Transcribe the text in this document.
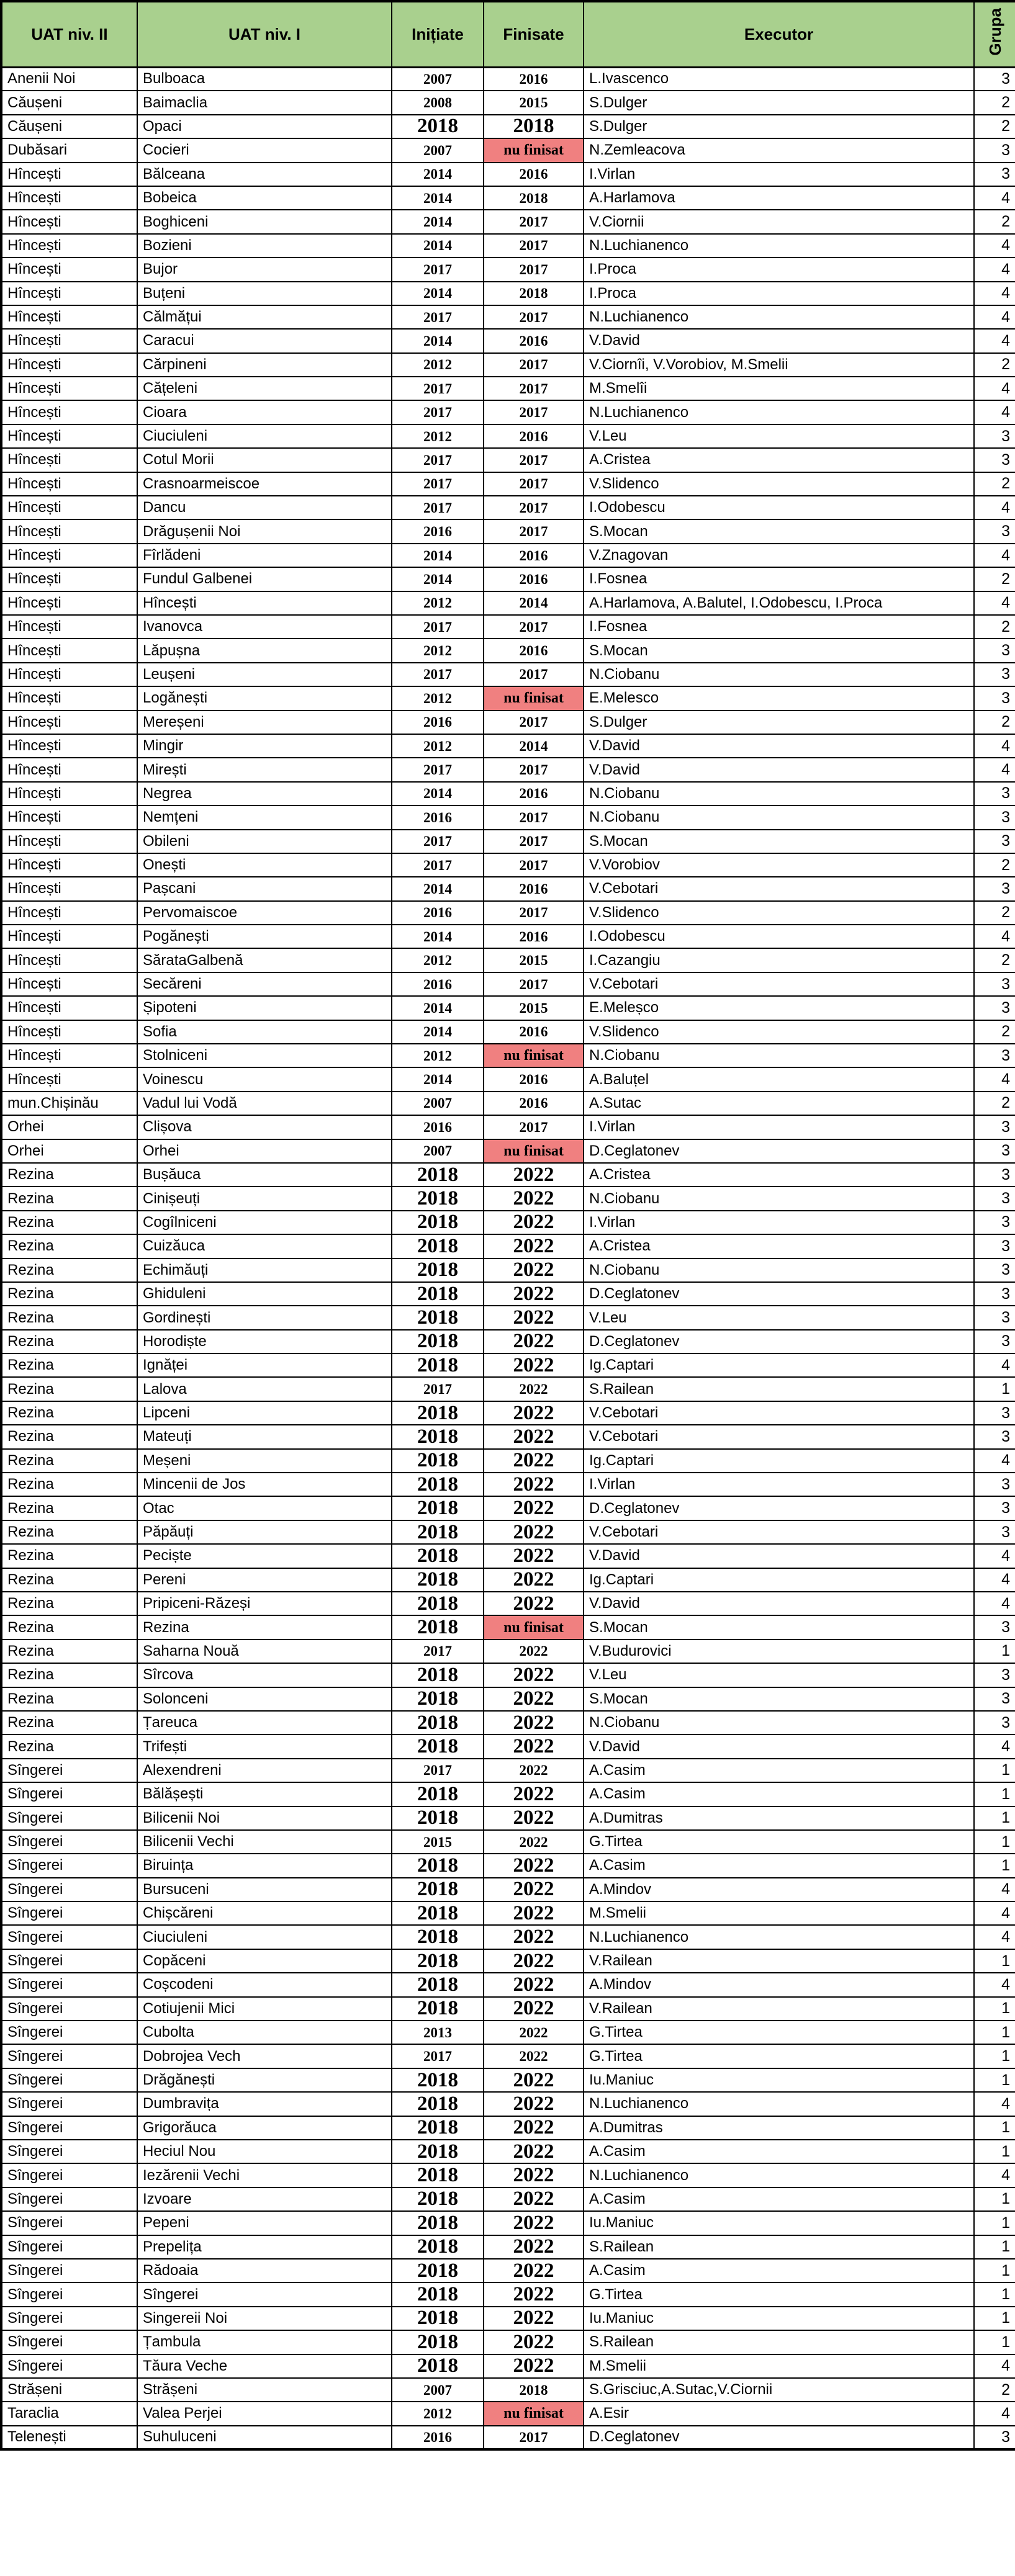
UAT niv. II	UAT niv. I	Inițiate	Finisate	Executor	Grupa
Anenii Noi	Bulboaca	2007	2016	L.Ivascenco	3
Căușeni	Baimaclia	2008	2015	S.Dulger	2
Căușeni	Opaci	2018	2018	S.Dulger	2
Dubăsari	Cocieri	2007	nu finisat	N.Zemleacova	3
Hîncești	Bălceana	2014	2016	I.Virlan	3
Hîncești	Bobeica	2014	2018	A.Harlamova	4
Hîncești	Boghiceni	2014	2017	V.Ciornii	2
Hîncești	Bozieni	2014	2017	N.Luchianenco	4
Hîncești	Bujor	2017	2017	I.Proca	4
Hîncești	Buțeni	2014	2018	I.Proca	4
Hîncești	Călmățui	2017	2017	N.Luchianenco	4
Hîncești	Caracui	2014	2016	V.David	4
Hîncești	Cărpineni	2012	2017	V.Ciornîi, V.Vorobiov, M.Smelii	2
Hîncești	Cățeleni	2017	2017	M.Smelîi	4
Hîncești	Cioara	2017	2017	N.Luchianenco	4
Hîncești	Ciuciuleni	2012	2016	V.Leu	3
Hîncești	Cotul Morii	2017	2017	A.Cristea	3
Hîncești	Crasnoarmeiscoe	2017	2017	V.Slidenco	2
Hîncești	Dancu	2017	2017	I.Odobescu	4
Hîncești	Drăgușenii Noi	2016	2017	S.Mocan	3
Hîncești	Fîrlădeni	2014	2016	V.Znagovan	4
Hîncești	Fundul Galbenei	2014	2016	I.Fosnea	2
Hîncești	Hîncești	2012	2014	A.Harlamova, A.Balutel, I.Odobescu, I.Proca	4
Hîncești	Ivanovca	2017	2017	I.Fosnea	2
Hîncești	Lăpușna	2012	2016	S.Mocan	3
Hîncești	Leușeni	2017	2017	N.Ciobanu	3
Hîncești	Logănești	2012	nu finisat	E.Melesco	3
Hîncești	Mereșeni	2016	2017	S.Dulger	2
Hîncești	Mingir	2012	2014	V.David	4
Hîncești	Mirești	2017	2017	V.David	4
Hîncești	Negrea	2014	2016	N.Ciobanu	3
Hîncești	Nemțeni	2016	2017	N.Ciobanu	3
Hîncești	Obileni	2017	2017	S.Mocan	3
Hîncești	Onești	2017	2017	V.Vorobiov	2
Hîncești	Pașcani	2014	2016	V.Cebotari	3
Hîncești	Pervomaiscoe	2016	2017	V.Slidenco	2
Hîncești	Pogănești	2014	2016	I.Odobescu	4
Hîncești	SărataGalbenă	2012	2015	I.Cazangiu	2
Hîncești	Secăreni	2016	2017	V.Cebotari	3
Hîncești	Șipoteni	2014	2015	E.Meleșco	3
Hîncești	Sofia	2014	2016	V.Slidenco	2
Hîncești	Stolniceni	2012	nu finisat	N.Ciobanu	3
Hîncești	Voinescu	2014	2016	A.Baluțel	4
mun.Chișinău	Vadul lui Vodă	2007	2016	A.Sutac	2
Orhei	Clișova	2016	2017	I.Virlan	3
Orhei	Orhei	2007	nu finisat	D.Ceglatonev	3
Rezina	Bușăuca	2018	2022	A.Cristea	3
Rezina	Cinișeuți	2018	2022	N.Ciobanu	3
Rezina	Cogîlniceni	2018	2022	I.Virlan	3
Rezina	Cuizăuca	2018	2022	A.Cristea	3
Rezina	Echimăuți	2018	2022	N.Ciobanu	3
Rezina	Ghiduleni	2018	2022	D.Ceglatonev	3
Rezina	Gordinești	2018	2022	V.Leu	3
Rezina	Horodiște	2018	2022	D.Ceglatonev	3
Rezina	Ignăței	2018	2022	Ig.Captari	4
Rezina	Lalova	2017	2022	S.Railean	1
Rezina	Lipceni	2018	2022	V.Cebotari	3
Rezina	Mateuți	2018	2022	V.Cebotari	3
Rezina	Meșeni	2018	2022	Ig.Captari	4
Rezina	Mincenii de Jos	2018	2022	I.Virlan	3
Rezina	Otac	2018	2022	D.Ceglatonev	3
Rezina	Păpăuți	2018	2022	V.Cebotari	3
Rezina	Peciște	2018	2022	V.David	4
Rezina	Pereni	2018	2022	Ig.Captari	4
Rezina	Pripiceni-Răzeși	2018	2022	V.David	4
Rezina	Rezina	2018	nu finisat	S.Mocan	3
Rezina	Saharna Nouă	2017	2022	V.Budurovici	1
Rezina	Sîrcova	2018	2022	V.Leu	3
Rezina	Solonceni	2018	2022	S.Mocan	3
Rezina	Țareuca	2018	2022	N.Ciobanu	3
Rezina	Trifești	2018	2022	V.David	4
Sîngerei	Alexendreni	2017	2022	A.Casim	1
Sîngerei	Bălășești	2018	2022	A.Casim	1
Sîngerei	Bilicenii Noi	2018	2022	A.Dumitras	1
Sîngerei	Bilicenii Vechi	2015	2022	G.Tirtea	1
Sîngerei	Biruința	2018	2022	A.Casim	1
Sîngerei	Bursuceni	2018	2022	A.Mindov	4
Sîngerei	Chișcăreni	2018	2022	M.Smelii	4
Sîngerei	Ciuciuleni	2018	2022	N.Luchianenco	4
Sîngerei	Copăceni	2018	2022	V.Railean	1
Sîngerei	Coșcodeni	2018	2022	A.Mindov	4
Sîngerei	Cotiujenii Mici	2018	2022	V.Railean	1
Sîngerei	Cubolta	2013	2022	G.Tirtea	1
Sîngerei	Dobrojea Vech	2017	2022	G.Tirtea	1
Sîngerei	Drăgănești	2018	2022	Iu.Maniuc	1
Sîngerei	Dumbravița	2018	2022	N.Luchianenco	4
Sîngerei	Grigorăuca	2018	2022	A.Dumitras	1
Sîngerei	Heciul Nou	2018	2022	A.Casim	1
Sîngerei	Iezărenii Vechi	2018	2022	N.Luchianenco	4
Sîngerei	Izvoare	2018	2022	A.Casim	1
Sîngerei	Pepeni	2018	2022	Iu.Maniuc	1
Sîngerei	Prepelița	2018	2022	S.Railean	1
Sîngerei	Rădoaia	2018	2022	A.Casim	1
Sîngerei	Sîngerei	2018	2022	G.Tirtea	1
Sîngerei	Singereii Noi	2018	2022	Iu.Maniuc	1
Sîngerei	Țambula	2018	2022	S.Railean	1
Sîngerei	Tăura Veche	2018	2022	M.Smelii	4
Strășeni	Strășeni	2007	2018	S.Grisciuc,A.Sutac,V.Ciornii	2
Taraclia	Valea Perjei	2012	nu finisat	A.Esir	4
Telenești	Suhuluceni	2016	2017	D.Ceglatonev	3
